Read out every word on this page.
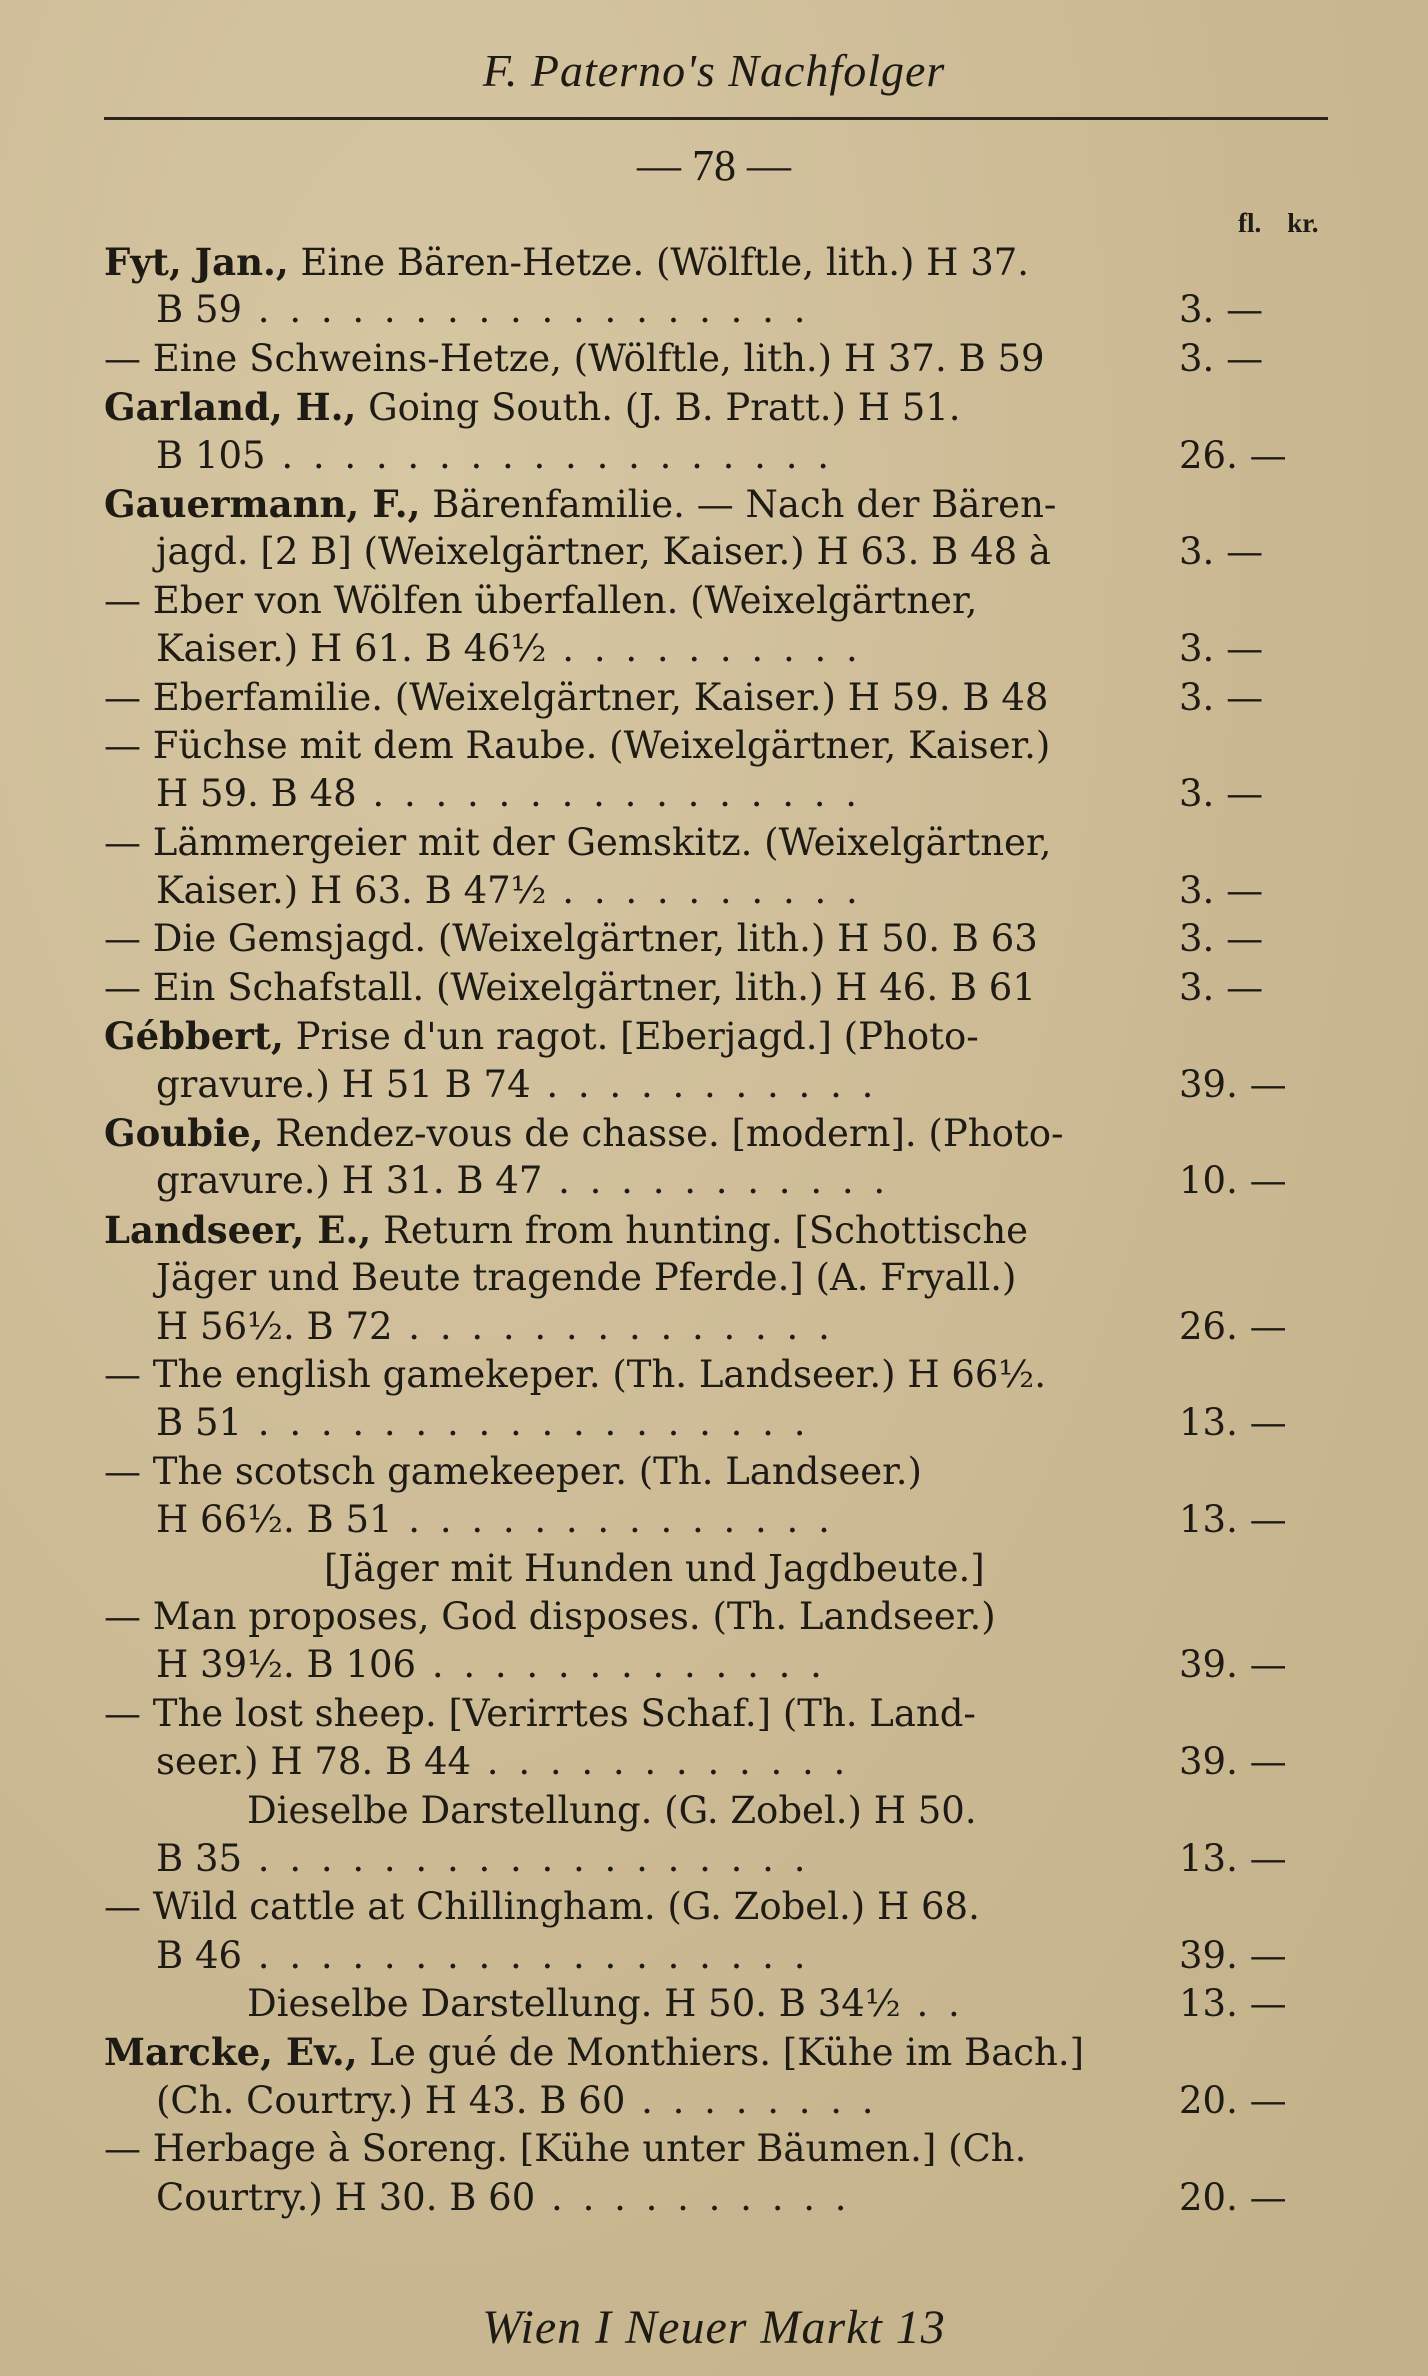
F. Paterno's Nachfolger
— 78 —
fl. kr.
Fyt, Jan., Eine Bären-Hetze. (Wölftle, lith.) H 37.
B 59 . . . . . . . . . . . . . . . . . .	3. —
— Eine Schweins-Hetze, (Wölftle, lith.) H 37. B 59	3. —
Garland, H., Going South. (J. B. Pratt.) H 51.
B 105 . . . . . . . . . . . . . . . . . .	26. —
Gauermann, F., Bärenfamilie. — Nach der Bären-
jagd. [2 B] (Weixelgärtner, Kaiser.) H 63. B 48 à	3. —
— Eber von Wölfen überfallen. (Weixelgärtner,
Kaiser.) H 61. B 46½ . . . . . . . . . .	3. —
— Eberfamilie. (Weixelgärtner, Kaiser.) H 59. B 48	3. —
— Füchse mit dem Raube. (Weixelgärtner, Kaiser.)
H 59. B 48 . . . . . . . . . . . . . . . .	3. —
— Lämmergeier mit der Gemskitz. (Weixelgärtner,
Kaiser.) H 63. B 47½ . . . . . . . . . .	3. —
— Die Gemsjagd. (Weixelgärtner, lith.) H 50. B 63	3. —
— Ein Schafstall. (Weixelgärtner, lith.) H 46. B 61	3. —
Gébbert, Prise d'un ragot. [Eberjagd.] (Photo-
gravure.) H 51 B 74 . . . . . . . . . . .	39. —
Goubie, Rendez-vous de chasse. [modern]. (Photo-
gravure.) H 31. B 47 . . . . . . . . . . .	10. —
Landseer, E., Return from hunting. [Schottische
Jäger und Beute tragende Pferde.] (A. Fryall.)
H 56½. B 72 . . . . . . . . . . . . . .	26. —
— The english gamekeper. (Th. Landseer.) H 66½.
B 51 . . . . . . . . . . . . . . . . . .	13. —
— The scotsch gamekeeper. (Th. Landseer.)
H 66½. B 51 . . . . . . . . . . . . . .	13. —
[Jäger mit Hunden und Jagdbeute.]
— Man proposes, God disposes. (Th. Landseer.)
H 39½. B 106 . . . . . . . . . . . . .	39. —
— The lost sheep. [Verirrtes Schaf.] (Th. Land-
seer.) H 78. B 44 . . . . . . . . . . . .	39. —
Dieselbe Darstellung. (G. Zobel.) H 50.
B 35 . . . . . . . . . . . . . . . . . .	13. —
— Wild cattle at Chillingham. (G. Zobel.) H 68.
B 46 . . . . . . . . . . . . . . . . . .	39. —
Dieselbe Darstellung. H 50. B 34½ . .	13. —
Marcke, Ev., Le gué de Monthiers. [Kühe im Bach.]
(Ch. Courtry.) H 43. B 60 . . . . . . . .	20. —
— Herbage à Soreng. [Kühe unter Bäumen.] (Ch.
Courtry.) H 30. B 60 . . . . . . . . . .	20. —
Wien I Neuer Markt 13
